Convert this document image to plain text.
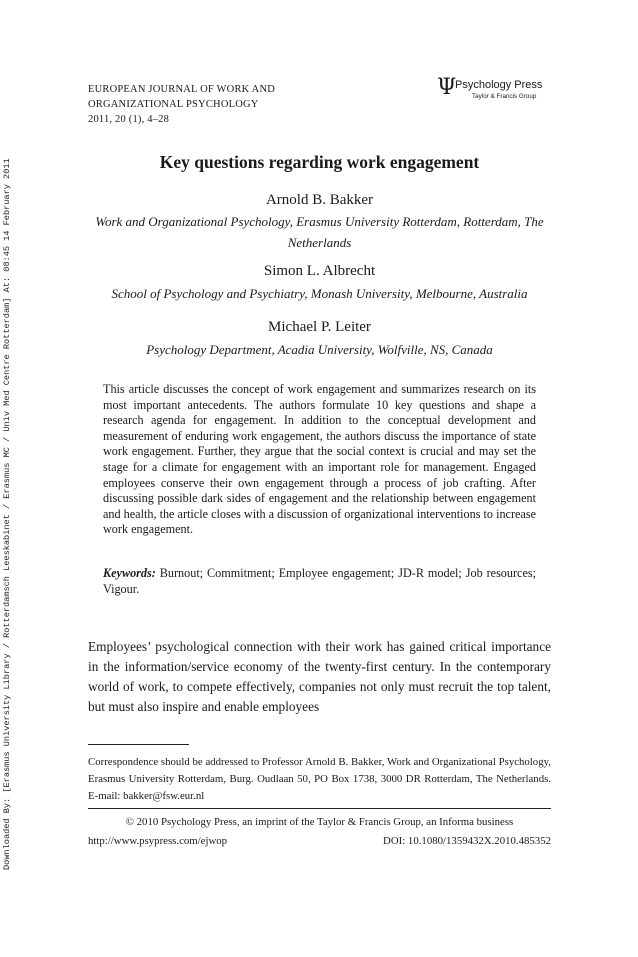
Downloaded By: [Erasmus University Library / Rotterdamsch Leeskabinet / Erasmus MC / Univ Med Centre Rotterdam] At: 08:45 14 February 2011
EUROPEAN JOURNAL OF WORK AND
ORGANIZATIONAL PSYCHOLOGY
2011, 20 (1), 4–28
Ψ
Psychology Press
Taylor & Francis Group
Key questions regarding work engagement
Arnold B. Bakker
Work and Organizational Psychology, Erasmus University Rotterdam, Rotterdam, The Netherlands
Simon L. Albrecht
School of Psychology and Psychiatry, Monash University, Melbourne, Australia
Michael P. Leiter
Psychology Department, Acadia University, Wolfville, NS, Canada

This article discusses the concept of work engagement and summarizes research on its most important antecedents. The authors formulate 10 key questions and shape a research agenda for engagement. In addition to the conceptual development and measurement of enduring work engagement, the authors discuss the importance of state work engagement. Further, they argue that the social context is crucial and may set the stage for a climate for engagement with an important role for management. Engaged employees conserve their own engagement through a process of job crafting. After discussing possible dark sides of engagement and the relationship between engagement and health, the article closes with a discussion of organizational interventions to increase work engagement.

Keywords: Burnout; Commitment; Employee engagement; JD-R model; Job resources; Vigour.

Employees’ psychological connection with their work has gained critical importance in the information/service economy of the twenty-first century. In the contemporary world of work, to compete effectively, companies not only must recruit the top talent, but must also inspire and enable employees

Correspondence should be addressed to Professor Arnold B. Bakker, Work and Organizational Psychology, Erasmus University Rotterdam, Burg. Oudlaan 50, PO Box 1738, 3000 DR Rotterdam, The Netherlands. E-mail: bakker@fsw.eur.nl

© 2010 Psychology Press, an imprint of the Taylor & Francis Group, an Informa business
http://www.psypress.com/ejwop	DOI: 10.1080/1359432X.2010.485352
